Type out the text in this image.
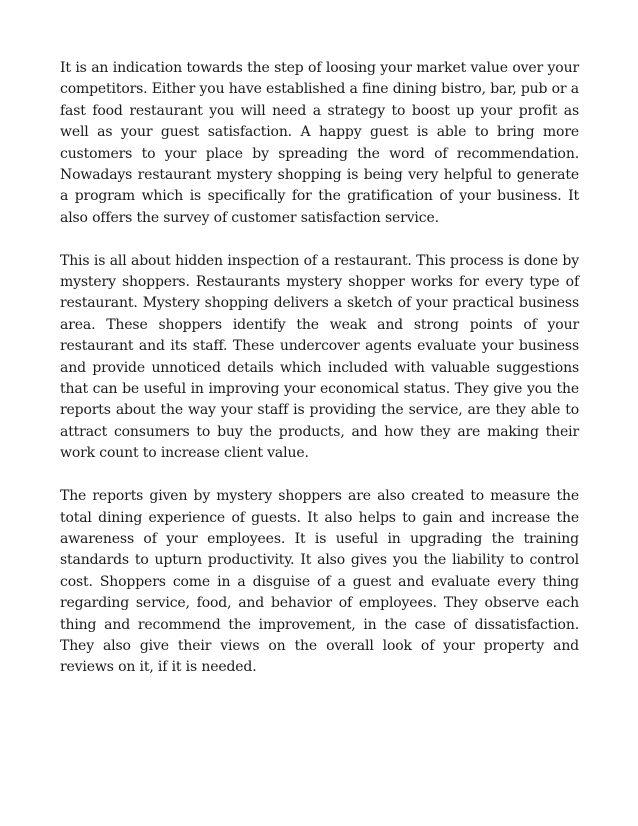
It is an indication towards the step of loosing your market value over your competitors. Either you have established a fine dining bistro, bar, pub or a fast food restaurant you will need a strategy to boost up your profit as well as your guest satisfaction. A happy guest is able to bring more customers to your place by spreading the word of recommendation. Nowadays restaurant mystery shopping is being very helpful to generate a program which is specifically for the gratification of your business. It also offers the survey of customer satisfaction service.

This is all about hidden inspection of a restaurant. This process is done by mystery shoppers. Restaurants mystery shopper works for every type of restaurant. Mystery shopping delivers a sketch of your practical business area. These shoppers identify the weak and strong points of your restaurant and its staff. These undercover agents evaluate your business and provide unnoticed details which included with valuable suggestions that can be useful in improving your economical status. They give you the reports about the way your staff is providing the service, are they able to attract consumers to buy the products, and how they are making their work count to increase client value.

The reports given by mystery shoppers are also created to measure the total dining experience of guests. It also helps to gain and increase the awareness of your employees. It is useful in upgrading the training standards to upturn productivity. It also gives you the liability to control cost. Shoppers come in a disguise of a guest and evaluate every thing regarding service, food, and behavior of employees. They observe each thing and recommend the improvement, in the case of dissatisfaction. They also give their views on the overall look of your property and reviews on it, if it is needed.
